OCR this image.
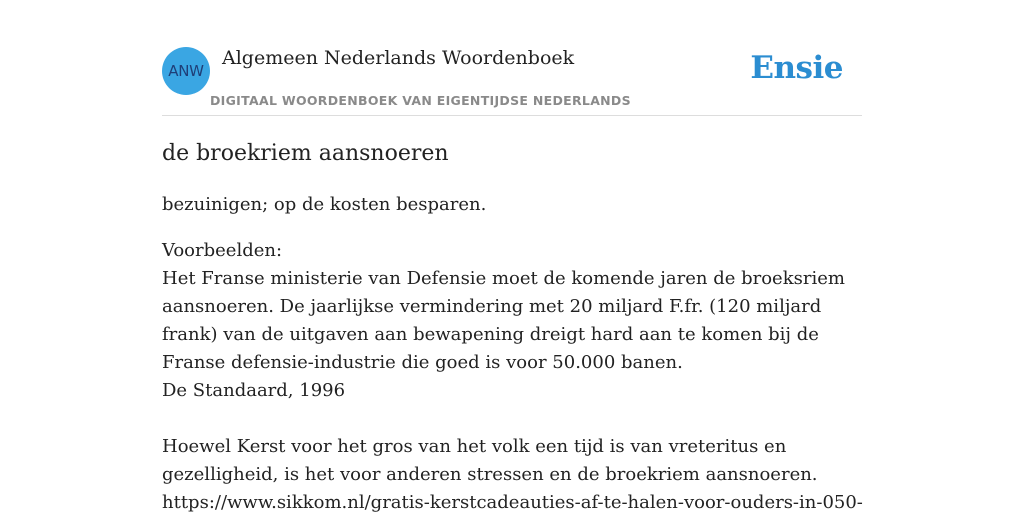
ANW
Algemeen Nederlands Woordenboek
DIGITAAL WOORDENBOEK VAN EIGENTIJDSE NEDERLANDS
Ensie
de broekriem aansnoeren

bezuinigen; op de kosten besparen.

Voorbeelden:
Het Franse ministerie van Defensie moet de komende jaren de broeksriem aansnoeren. De jaarlijkse vermindering met 20 miljard F.fr. (120 miljard frank) van de uitgaven aan bewapening dreigt hard aan te komen bij de Franse defensie-industrie die goed is voor 50.000 banen.
De Standaard, 1996
Hoewel Kerst voor het gros van het volk een tijd is van vreteritus en gezelligheid, is het voor anderen stressen en de broekriem aansnoeren.
https://www.sikkom.nl/gratis-kerstcadeauties-af-te-halen-voor-ouders-in-050-
